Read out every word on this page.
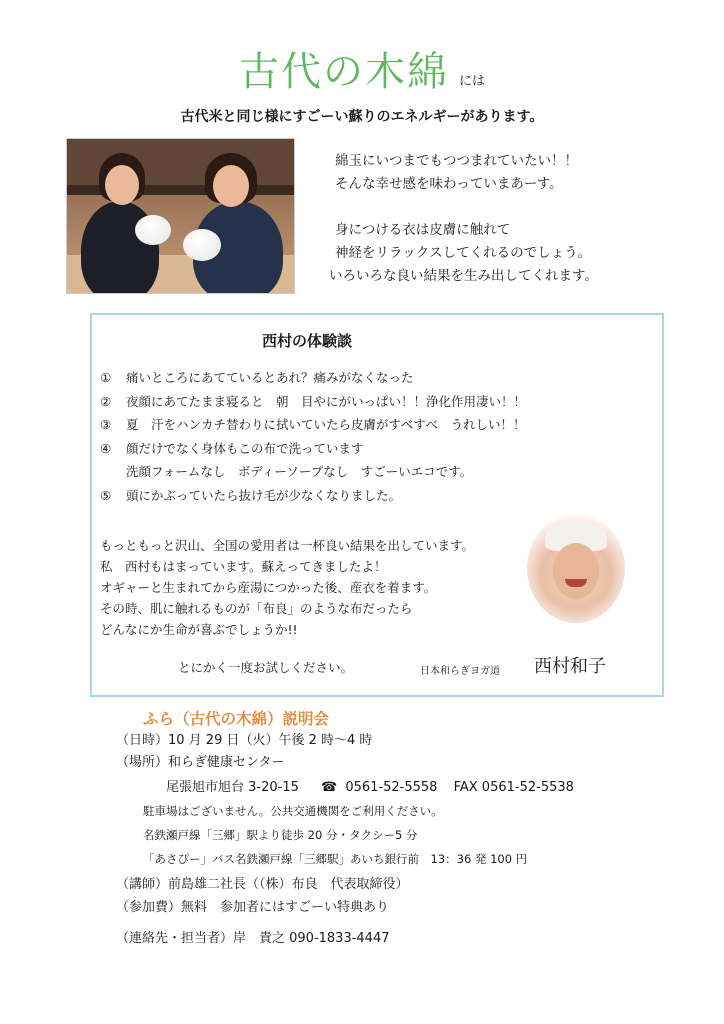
古代の木綿 には
古代米と同じ様にすごーい蘇りのエネルギーがあります。
綿玉にいつまでもつつまれていたい！！
そんな幸せ感を味わっていまあーす。
身につける衣は皮膚に触れて
神経をリラックスしてくれるのでしょう。
いろいろな良い結果を生み出してくれます。
西村の体験談
①	痛いところにあてているとあれ？痛みがなくなった
②	夜顔にあてたまま寝ると　朝　目やにがいっぱい！！浄化作用凄い！！
③	夏　汗をハンカチ替わりに拭いていたら皮膚がすべすべ　うれしい！！
④	顔だけでなく身体もこの布で洗っています
洗顔フォームなし　ボディーソープなし　すごーいエコです。
⑤	頭にかぶっていたら抜け毛が少なくなりました。
もっともっと沢山、全国の愛用者は一杯良い結果を出しています。
私　西村もはまっています。蘇えってきましたよ！
オギャーと生まれてから産湯につかった後、産衣を着ます。
その時、肌に触れるものが「布良」のような布だったら
どんなにか生命が喜ぶでしょうか!!
とにかく一度お試しください。	日本和らぎヨガ道 西村和子
ふら（古代の木綿）説明会
（日時）10 月 29 日（火）午後 2 時～4 時
（場所）和らぎ健康センター
尾張旭市旭台 3-20-15 ☎ 0561-52-5558 FAX 0561-52-5538
駐車場はございません。公共交通機関をご利用ください。
名鉄瀬戸線「三郷」駅より徒歩 20 分・タクシー5 分
「あさぴー」バス名鉄瀬戸線「三郷駅」あいち銀行前　13：36 発 100 円
（講師）前島雄二社長（（株）布良　代表取締役）
（参加費）無料　参加者にはすごーい特典あり
（連絡先・担当者）岸　貴之 090-1833-4447
